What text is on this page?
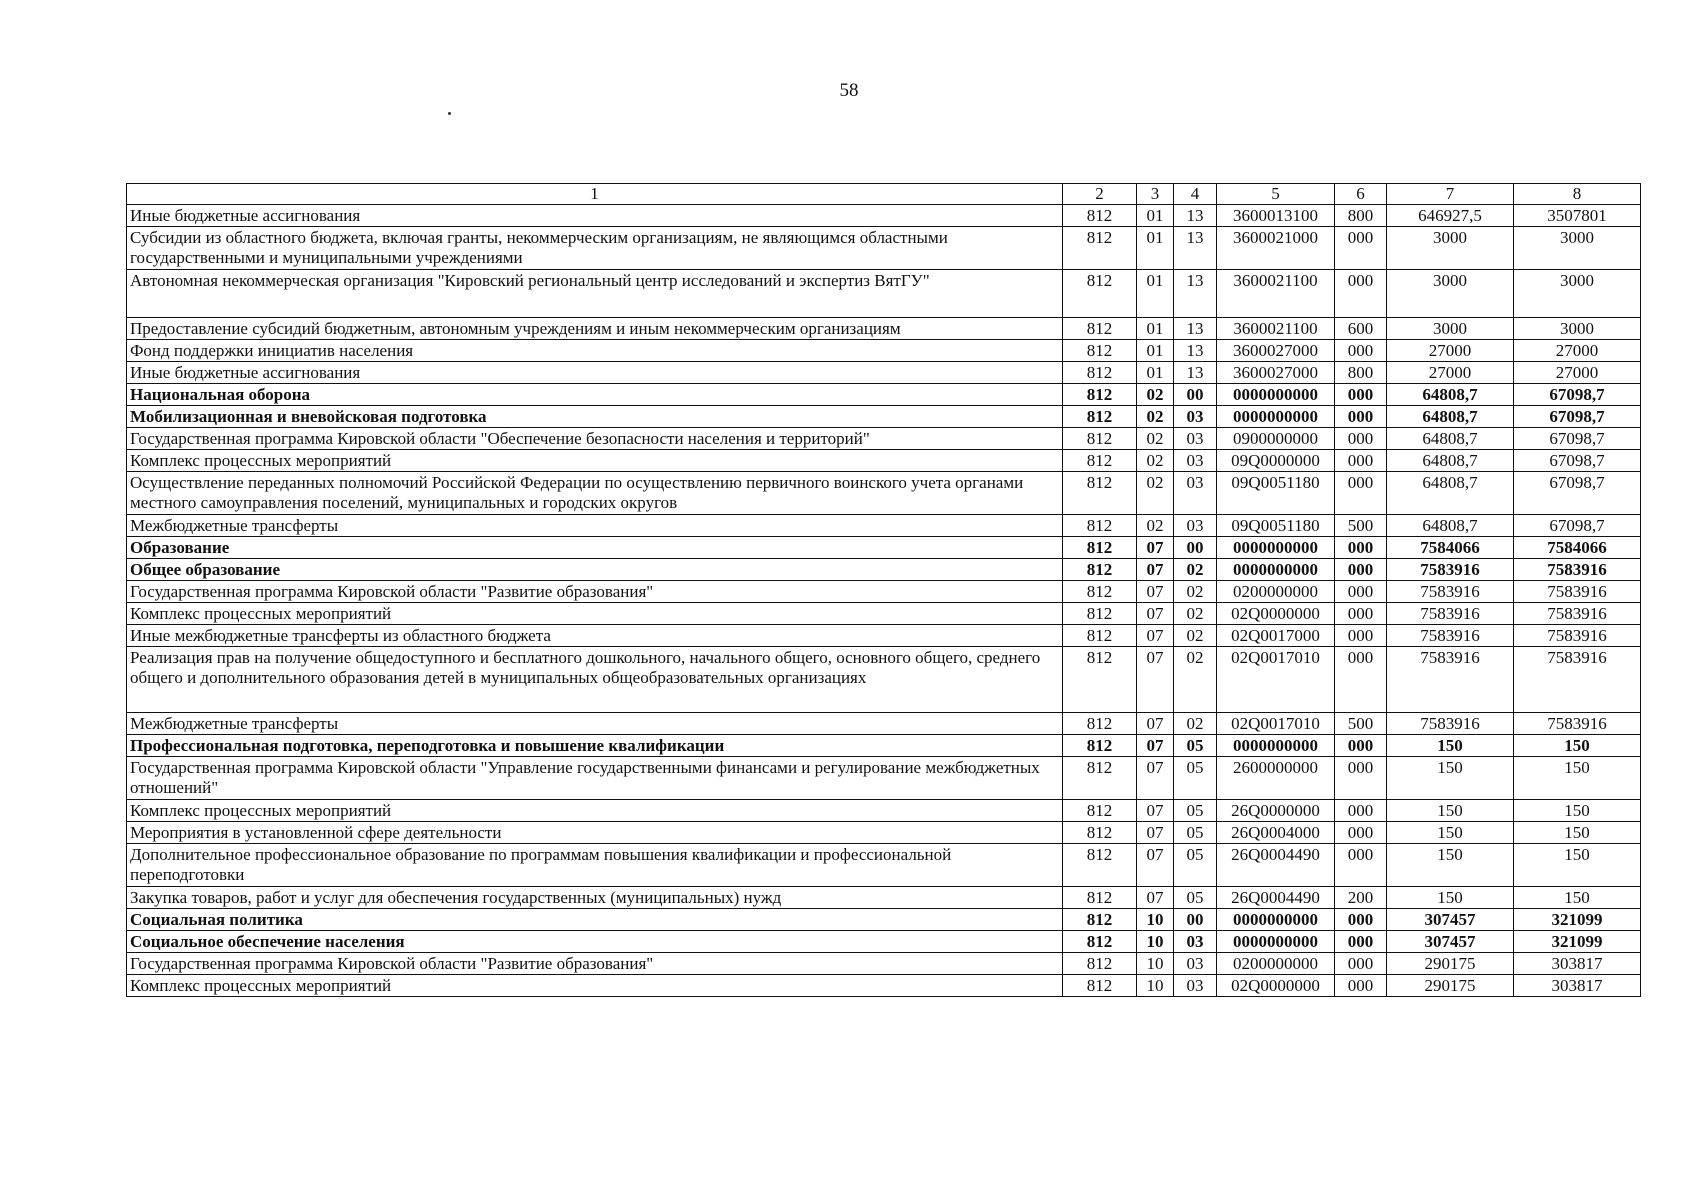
58
1	2	3	4	5	6	7	8
Иные бюджетные ассигнования	812	01	13	3600013100	800	646927,5	3507801
Субсидии из областного бюджета, включая гранты, некоммерческим организациям, не являющимся областными государственными и муниципальными учреждениями	812	01	13	3600021000	000	3000	3000
Автономная некоммерческая организация "Кировский региональный центр исследований и экспертиз ВятГУ"	812	01	13	3600021100	000	3000	3000
Предоставление субсидий бюджетным, автономным учреждениям и иным некоммерческим организациям	812	01	13	3600021100	600	3000	3000
Фонд поддержки инициатив населения	812	01	13	3600027000	000	27000	27000
Иные бюджетные ассигнования	812	01	13	3600027000	800	27000	27000
Национальная оборона	812	02	00	0000000000	000	64808,7	67098,7
Мобилизационная и вневойсковая подготовка	812	02	03	0000000000	000	64808,7	67098,7
Государственная программа Кировской области "Обеспечение безопасности населения и территорий"	812	02	03	0900000000	000	64808,7	67098,7
Комплекс процессных мероприятий	812	02	03	09Q0000000	000	64808,7	67098,7
Осуществление переданных полномочий Российской Федерации по осуществлению первичного воинского учета органами местного самоуправления поселений, муниципальных и городских округов	812	02	03	09Q0051180	000	64808,7	67098,7
Межбюджетные трансферты	812	02	03	09Q0051180	500	64808,7	67098,7
Образование	812	07	00	0000000000	000	7584066	7584066
Общее образование	812	07	02	0000000000	000	7583916	7583916
Государственная программа Кировской области "Развитие образования"	812	07	02	0200000000	000	7583916	7583916
Комплекс процессных мероприятий	812	07	02	02Q0000000	000	7583916	7583916
Иные межбюджетные трансферты из областного бюджета	812	07	02	02Q0017000	000	7583916	7583916
Реализация прав на получение общедоступного и бесплатного дошкольного, начального общего, основного общего, среднего общего и дополнительного образования детей в муниципальных общеобразовательных организациях	812	07	02	02Q0017010	000	7583916	7583916
Межбюджетные трансферты	812	07	02	02Q0017010	500	7583916	7583916
Профессиональная подготовка, переподготовка и повышение квалификации	812	07	05	0000000000	000	150	150
Государственная программа Кировской области "Управление государственными финансами и регулирование межбюджетных отношений"	812	07	05	2600000000	000	150	150
Комплекс процессных мероприятий	812	07	05	26Q0000000	000	150	150
Мероприятия в установленной сфере деятельности	812	07	05	26Q0004000	000	150	150
Дополнительное профессиональное образование по программам повышения квалификации и профессиональной переподготовки	812	07	05	26Q0004490	000	150	150
Закупка товаров, работ и услуг для обеспечения государственных (муниципальных) нужд	812	07	05	26Q0004490	200	150	150
Социальная политика	812	10	00	0000000000	000	307457	321099
Социальное обеспечение населения	812	10	03	0000000000	000	307457	321099
Государственная программа Кировской области "Развитие образования"	812	10	03	0200000000	000	290175	303817
Комплекс процессных мероприятий	812	10	03	02Q0000000	000	290175	303817
